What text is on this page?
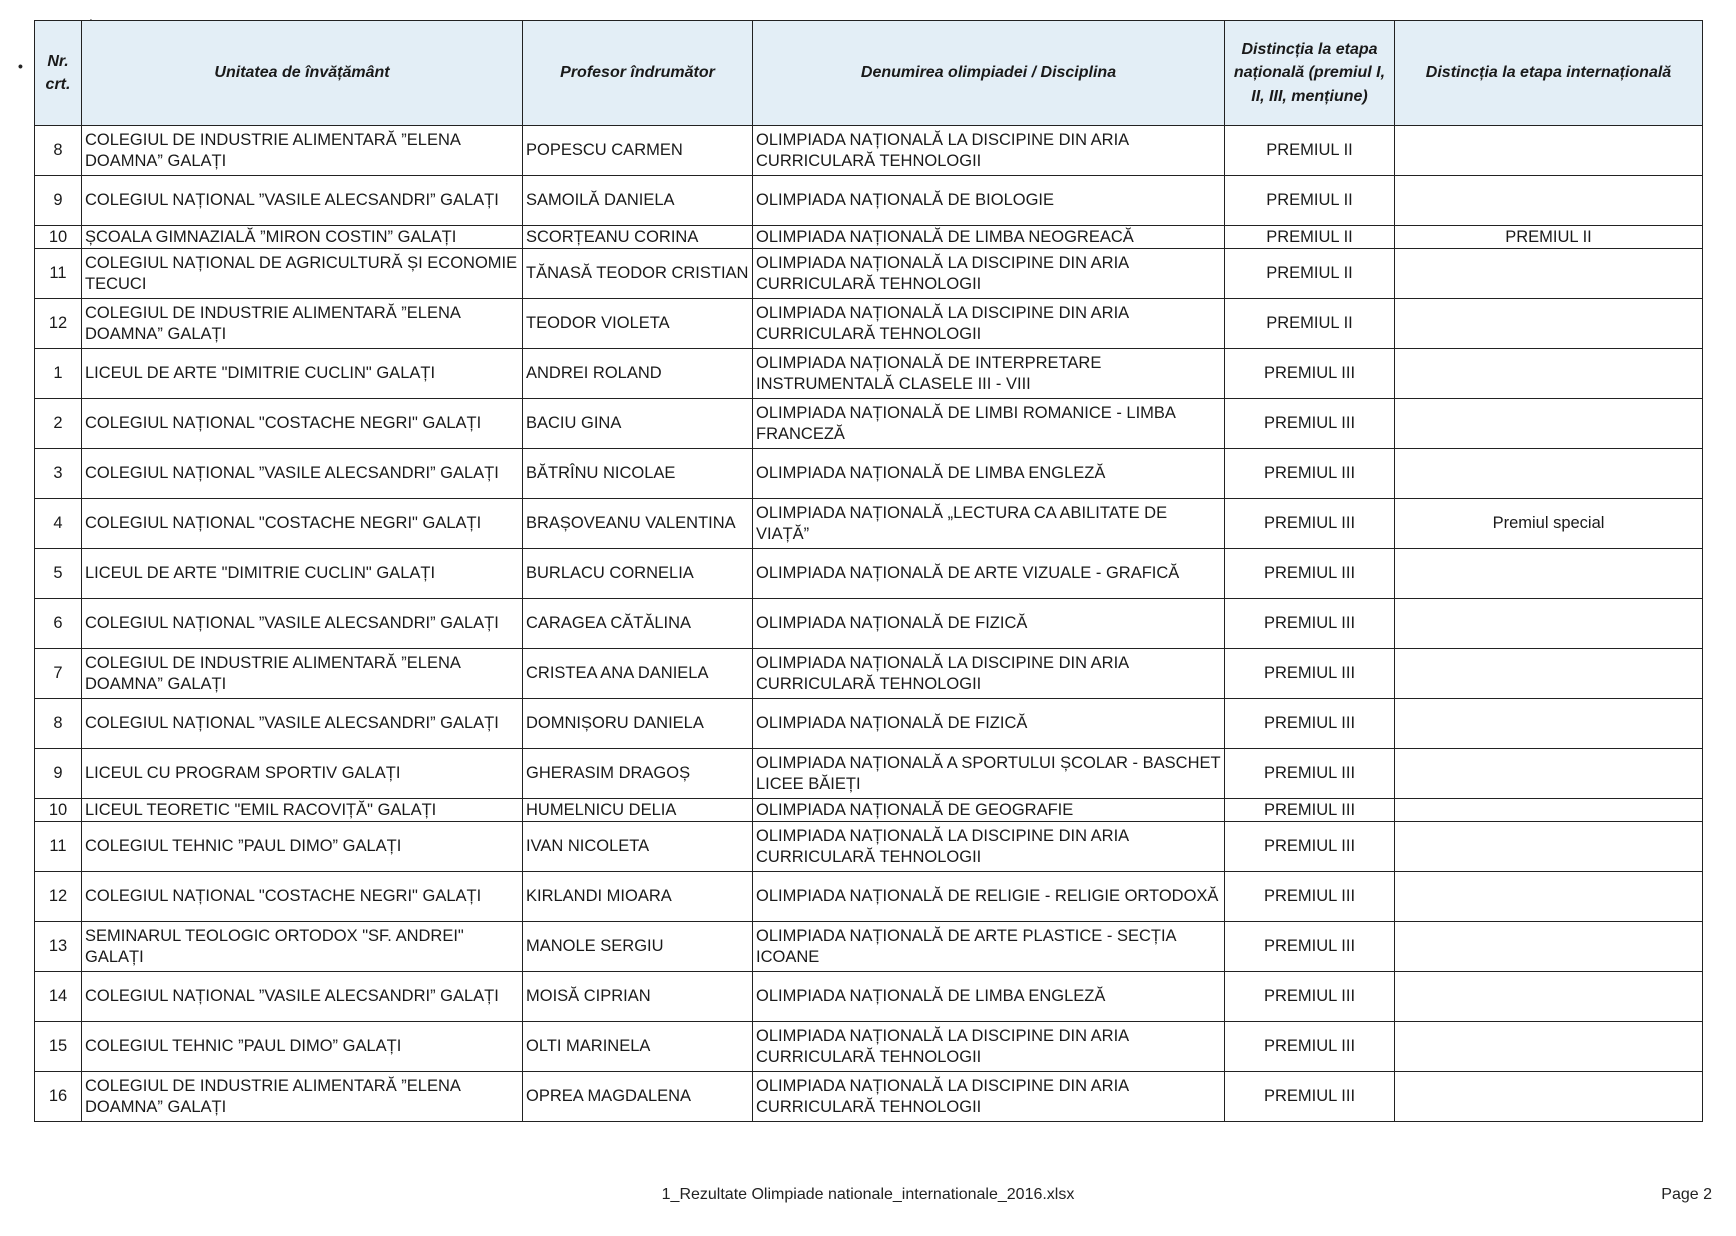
• Nr. crt.	Unitatea de învățământ	Profesor îndrumător	Denumirea olimpiadei / Disciplina	Distincția la etapa națională (premiul I, II, III, mențiune)	Distincția la etapa internațională
8	COLEGIUL DE INDUSTRIE ALIMENTARĂ ”ELENA DOAMNA” GALAȚI	POPESCU CARMEN	OLIMPIADA NAȚIONALĂ LA DISCIPINE DIN ARIA CURRICULARĂ TEHNOLOGII	PREMIUL II	
9	COLEGIUL NAȚIONAL ”VASILE ALECSANDRI” GALAȚI	SAMOILĂ DANIELA	OLIMPIADA NAȚIONALĂ DE BIOLOGIE	PREMIUL II	
10	ȘCOALA GIMNAZIALĂ ”MIRON COSTIN” GALAȚI	SCORȚEANU CORINA	OLIMPIADA NAȚIONALĂ DE LIMBA NEOGREACĂ	PREMIUL II	PREMIUL II
11	COLEGIUL NAȚIONAL DE AGRICULTURĂ ȘI ECONOMIE TECUCI	TĂNASĂ TEODOR CRISTIAN	OLIMPIADA NAȚIONALĂ LA DISCIPINE DIN ARIA CURRICULARĂ TEHNOLOGII	PREMIUL II	
12	COLEGIUL DE INDUSTRIE ALIMENTARĂ ”ELENA DOAMNA” GALAȚI	TEODOR VIOLETA	OLIMPIADA NAȚIONALĂ LA DISCIPINE DIN ARIA CURRICULARĂ TEHNOLOGII	PREMIUL II	
1	LICEUL DE ARTE "DIMITRIE CUCLIN" GALAȚI	ANDREI ROLAND	OLIMPIADA NAȚIONALĂ DE INTERPRETARE INSTRUMENTALĂ CLASELE III - VIII	PREMIUL III	
2	COLEGIUL NAȚIONAL "COSTACHE NEGRI" GALAȚI	BACIU GINA	OLIMPIADA NAȚIONALĂ DE LIMBI ROMANICE - LIMBA FRANCEZĂ	PREMIUL III	
3	COLEGIUL NAȚIONAL ”VASILE ALECSANDRI” GALAȚI	BĂTRÎNU NICOLAE	OLIMPIADA NAȚIONALĂ DE LIMBA ENGLEZĂ	PREMIUL III	
4	COLEGIUL NAȚIONAL "COSTACHE NEGRI" GALAȚI	BRAȘOVEANU VALENTINA	OLIMPIADA NAȚIONALĂ „LECTURA CA ABILITATE DE VIAȚĂ”	PREMIUL III	Premiul special
5	LICEUL DE ARTE "DIMITRIE CUCLIN" GALAȚI	BURLACU CORNELIA	OLIMPIADA NAȚIONALĂ DE ARTE VIZUALE - GRAFICĂ	PREMIUL III	
6	COLEGIUL NAȚIONAL ”VASILE ALECSANDRI” GALAȚI	CARAGEA CĂTĂLINA	OLIMPIADA NAȚIONALĂ DE FIZICĂ	PREMIUL III	
7	COLEGIUL DE INDUSTRIE ALIMENTARĂ ”ELENA DOAMNA” GALAȚI	CRISTEA ANA DANIELA	OLIMPIADA NAȚIONALĂ LA DISCIPINE DIN ARIA CURRICULARĂ TEHNOLOGII	PREMIUL III	
8	COLEGIUL NAȚIONAL ”VASILE ALECSANDRI” GALAȚI	DOMNIȘORU DANIELA	OLIMPIADA NAȚIONALĂ DE FIZICĂ	PREMIUL III	
9	LICEUL CU PROGRAM SPORTIV GALAȚI	GHERASIM DRAGOȘ	OLIMPIADA NAȚIONALĂ A SPORTULUI ȘCOLAR - BASCHET LICEE BĂIEȚI	PREMIUL III	
10	LICEUL TEORETIC "EMIL RACOVIȚĂ" GALAȚI	HUMELNICU DELIA	OLIMPIADA NAȚIONALĂ DE GEOGRAFIE	PREMIUL III	
11	COLEGIUL TEHNIC ”PAUL DIMO” GALAȚI	IVAN NICOLETA	OLIMPIADA NAȚIONALĂ LA DISCIPINE DIN ARIA CURRICULARĂ TEHNOLOGII	PREMIUL III	
12	COLEGIUL NAȚIONAL "COSTACHE NEGRI" GALAȚI	KIRLANDI MIOARA	OLIMPIADA NAȚIONALĂ DE RELIGIE - RELIGIE ORTODOXĂ	PREMIUL III	
13	SEMINARUL TEOLOGIC ORTODOX "SF. ANDREI" GALAȚI	MANOLE SERGIU	OLIMPIADA NAȚIONALĂ DE ARTE PLASTICE - SECȚIA ICOANE	PREMIUL III	
14	COLEGIUL NAȚIONAL ”VASILE ALECSANDRI” GALAȚI	MOISĂ CIPRIAN	OLIMPIADA NAȚIONALĂ DE LIMBA ENGLEZĂ	PREMIUL III	
15	COLEGIUL TEHNIC ”PAUL DIMO” GALAȚI	OLTI MARINELA	OLIMPIADA NAȚIONALĂ LA DISCIPINE DIN ARIA CURRICULARĂ TEHNOLOGII	PREMIUL III	
16	COLEGIUL DE INDUSTRIE ALIMENTARĂ ”ELENA DOAMNA” GALAȚI	OPREA MAGDALENA	OLIMPIADA NAȚIONALĂ LA DISCIPINE DIN ARIA CURRICULARĂ TEHNOLOGII	PREMIUL III	
1_Rezultate Olimpiade nationale_internationale_2016.xlsx	Page 2
